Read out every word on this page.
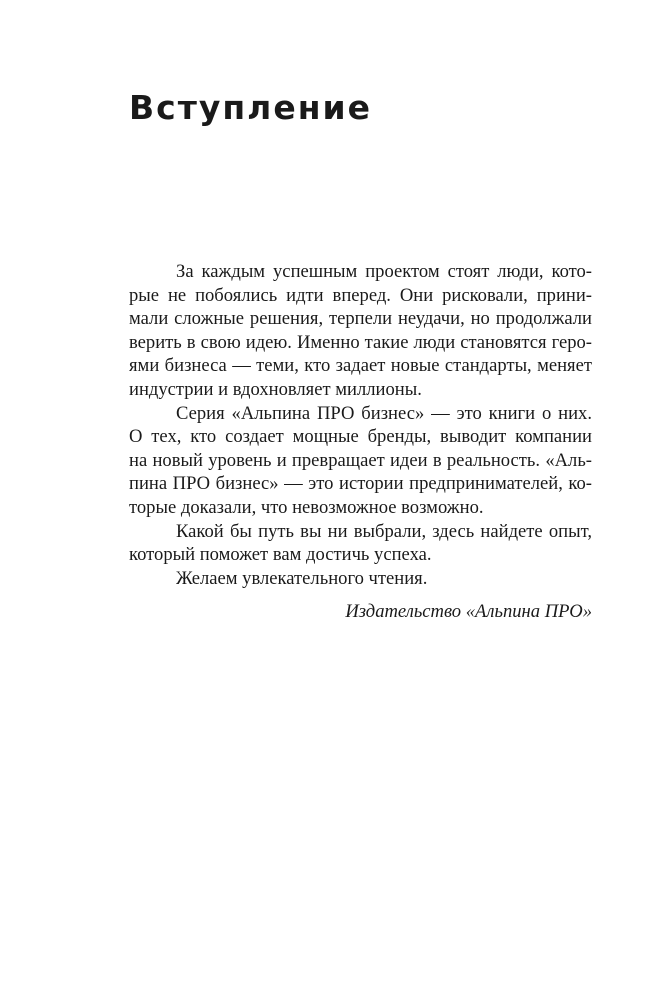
Вступление
За каждым успешным проектом стоят люди, кото-
рые не побоялись идти вперед. Они рисковали, прини-
мали сложные решения, терпели неудачи, но продолжали
верить в свою идею. Именно такие люди становятся геро-
ями бизнеса — теми, кто задает новые стандарты, меняет
индустрии и вдохновляет миллионы.
Серия «Альпина ПРО бизнес» — это книги о них.
О тех, кто создает мощные бренды, выводит компании
на новый уровень и превращает идеи в реальность. «Аль-
пина ПРО бизнес» — это истории предпринимателей, ко-
торые доказали, что невозможное возможно.
Какой бы путь вы ни выбрали, здесь найдете опыт,
который поможет вам достичь успеха.
Желаем увлекательного чтения.
Издательство «Альпина ПРО»
